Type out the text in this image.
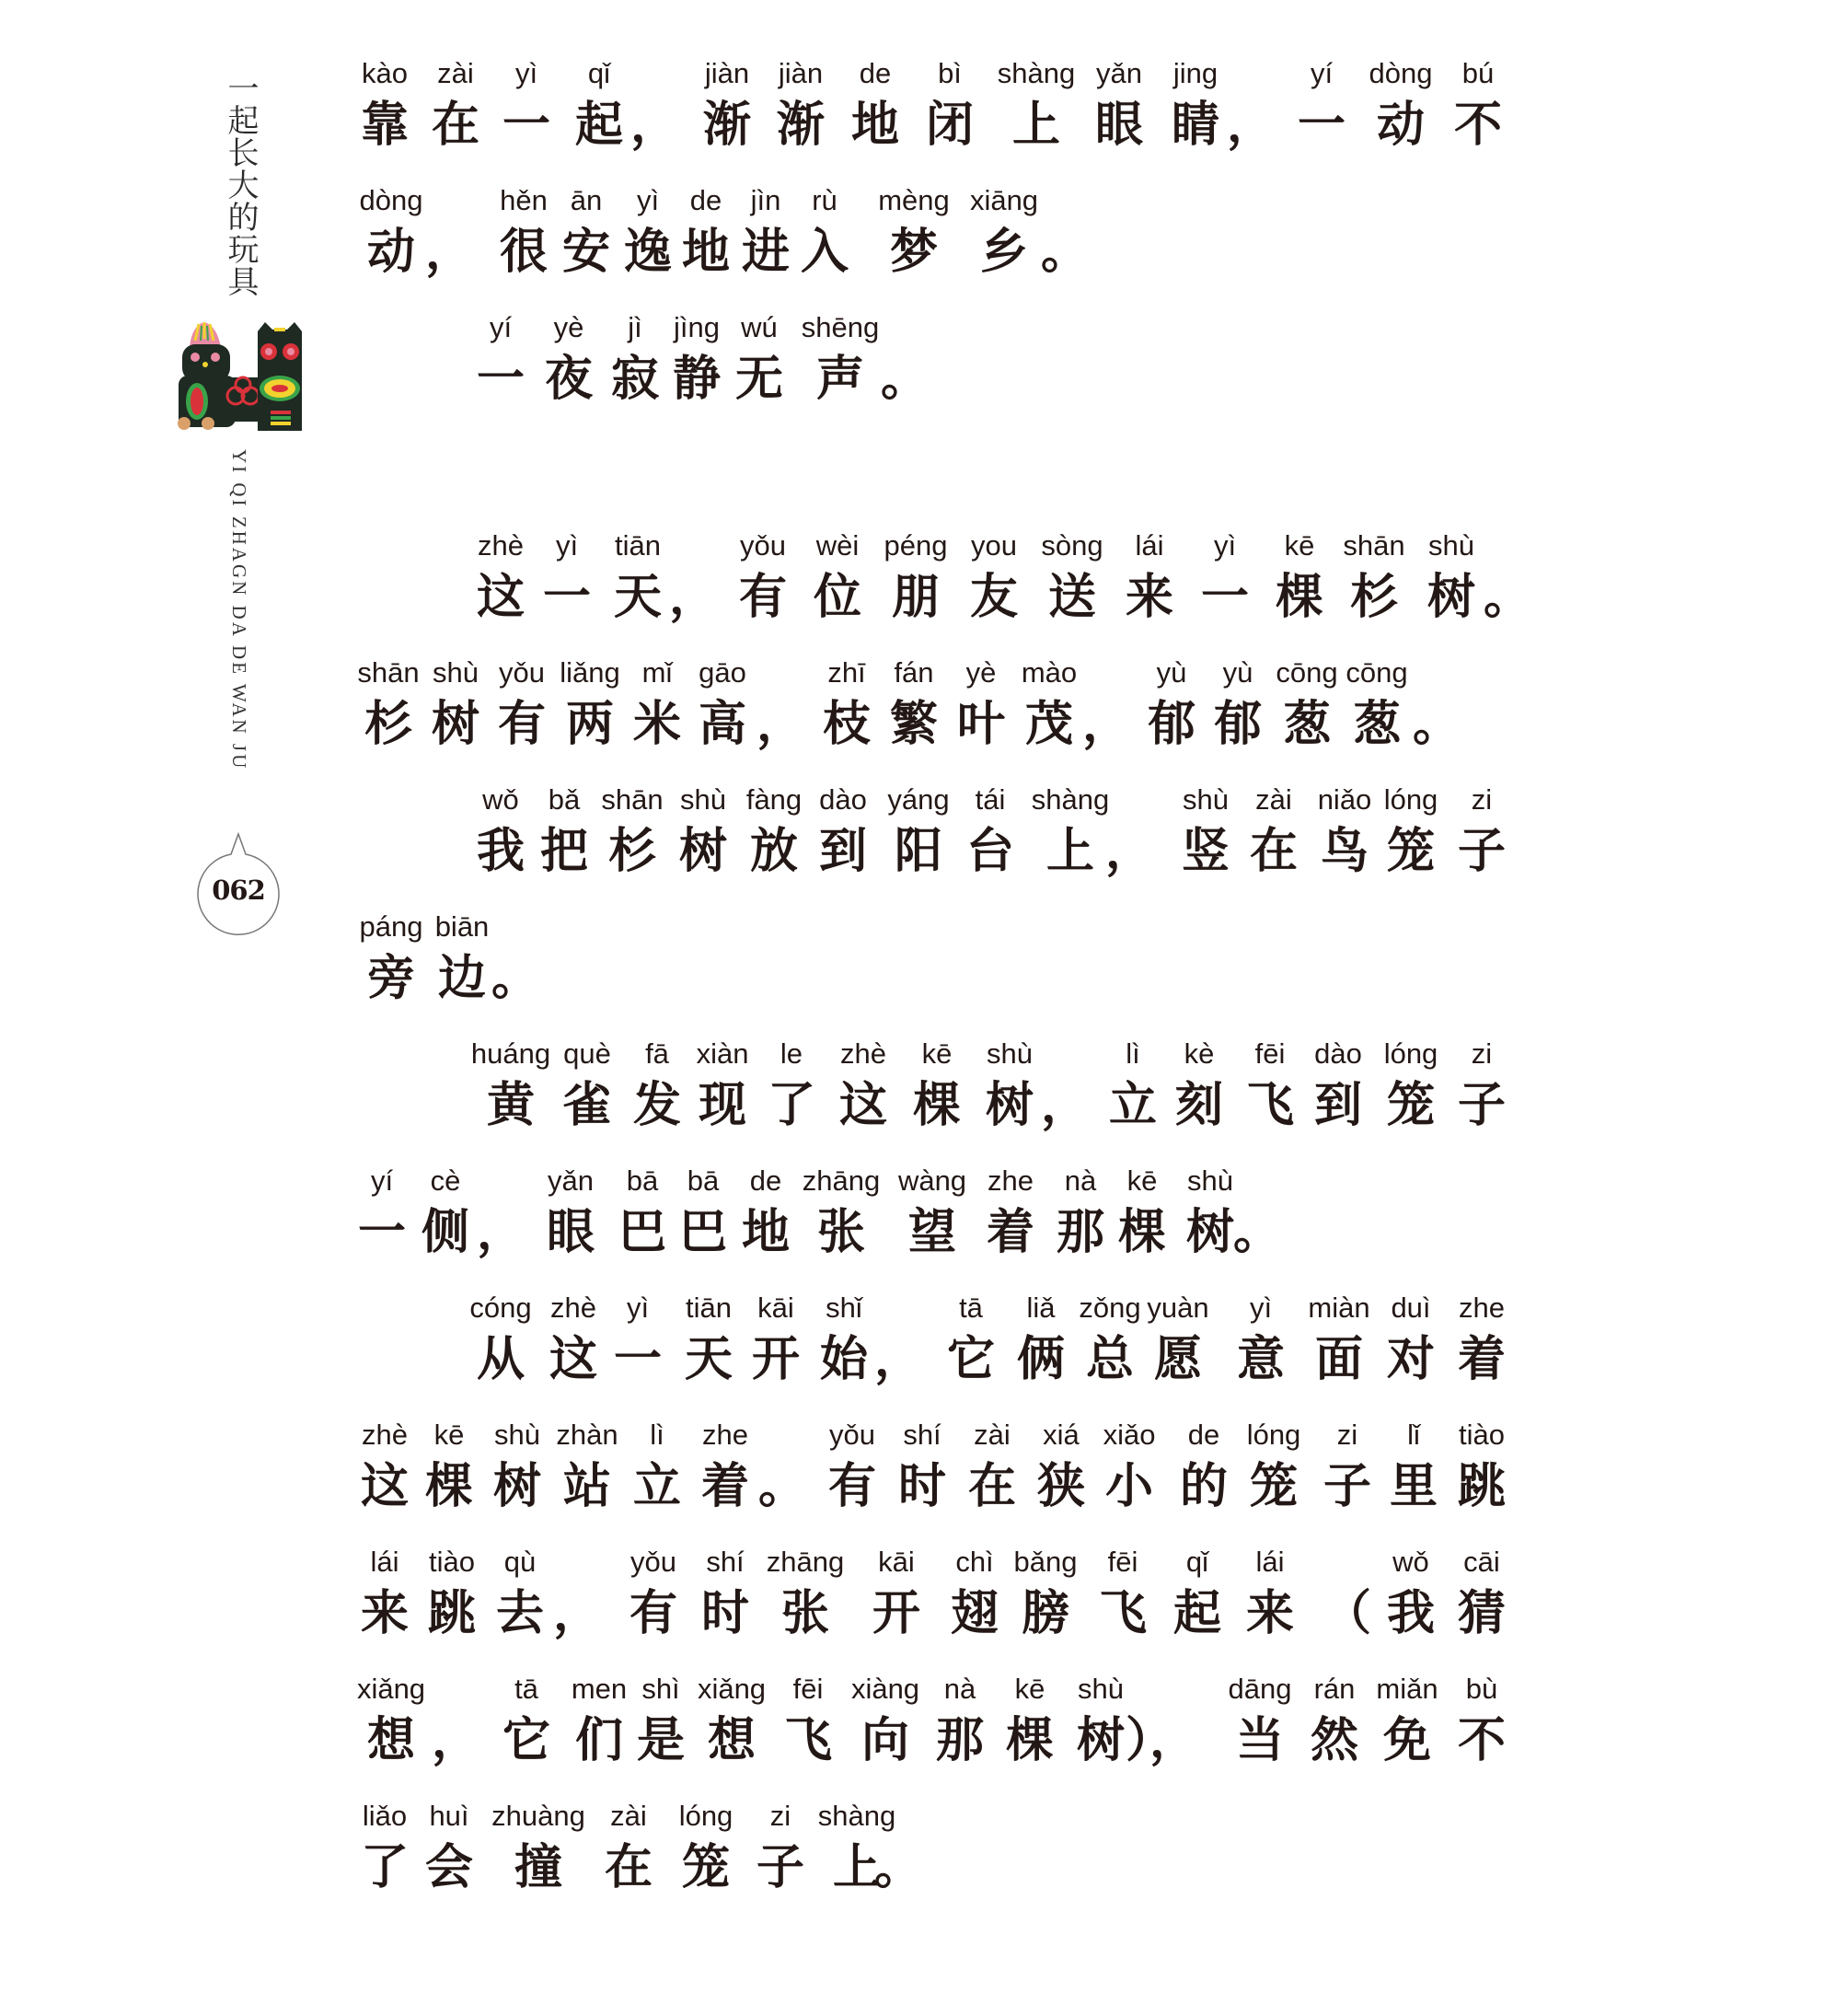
一起长大的玩具
YI QI ZHAGN DA DE WAN JU
062
kào
靠
zài
在
yì
一
qǐ
起 ，
jiàn
渐
jiàn
渐
de
地
bì
闭
shàng
上
yǎn
眼
jing
睛 ，
yí
一
dòng
动
bú
不
dòng
动 ，
hěn
很
ān
安
yì
逸
de
地
jìn
进
rù
入
mèng
梦
xiāng
乡 。
yí
一
yè
夜
jì
寂
jìng
静
wú
无
shēng
声 。
zhè
这
yì
一
tiān
天 ，
yǒu
有
wèi
位
péng
朋
you
友
sòng
送
lái
来
yì
一
kē
棵
shān
杉
shù
树 。
shān
杉
shù
树
yǒu
有
liǎng
两
mǐ
米
gāo
高 ，
zhī
枝
fán
繁
yè
叶
mào
茂 ，
yù
郁
yù
郁
cōng
葱
cōng
葱 。
wǒ
我
bǎ
把
shān
杉
shù
树
fàng
放
dào
到
yáng
阳
tái
台
shàng
上 ，
shù
竖
zài
在
niǎo
鸟
lóng
笼
zi
子
páng
旁
biān
边 。
huáng
黄
què
雀
fā
发
xiàn
现
le
了
zhè
这
kē
棵
shù
树 ，
lì
立
kè
刻
fēi
飞
dào
到
lóng
笼
zi
子
yí
一
cè
侧 ，
yǎn
眼
bā
巴
bā
巴
de
地
zhāng
张
wàng
望
zhe
着
nà
那
kē
棵
shù
树
。
cóng
从
zhè
这
yì
一
tiān
天
kāi
开
shǐ
始 ，
tā
它
liǎ
俩
zǒng
总
yuàn
愿
yì
意
miàn
面
duì
对
zhe
着
zhè
这
kē
棵
shù
树
zhàn
站
lì
立
zhe
着 。
yǒu
有
shí
时
zài
在
xiá
狭
xiǎo
小
de
的
lóng
笼
zi
子
lǐ
里
tiào
跳
lái
来
tiào
跳
qù
去 ，
yǒu
有
shí
时
zhāng
张
kāi
开
chì
翅
bǎng
膀
fēi
飞
qǐ
起
lái
来 （
wǒ
我
cāi
猜
xiǎng
想 ，
tā
它
men
们
shì
是
xiǎng
想
fēi
飞
xiàng
向
nà
那
kē
棵
shù
树 ），
dāng
当
rán
然
miǎn
免
bù
不
liǎo
了
huì
会
zhuàng
撞
zài
在
lóng
笼
zi
子
shàng
上
。
